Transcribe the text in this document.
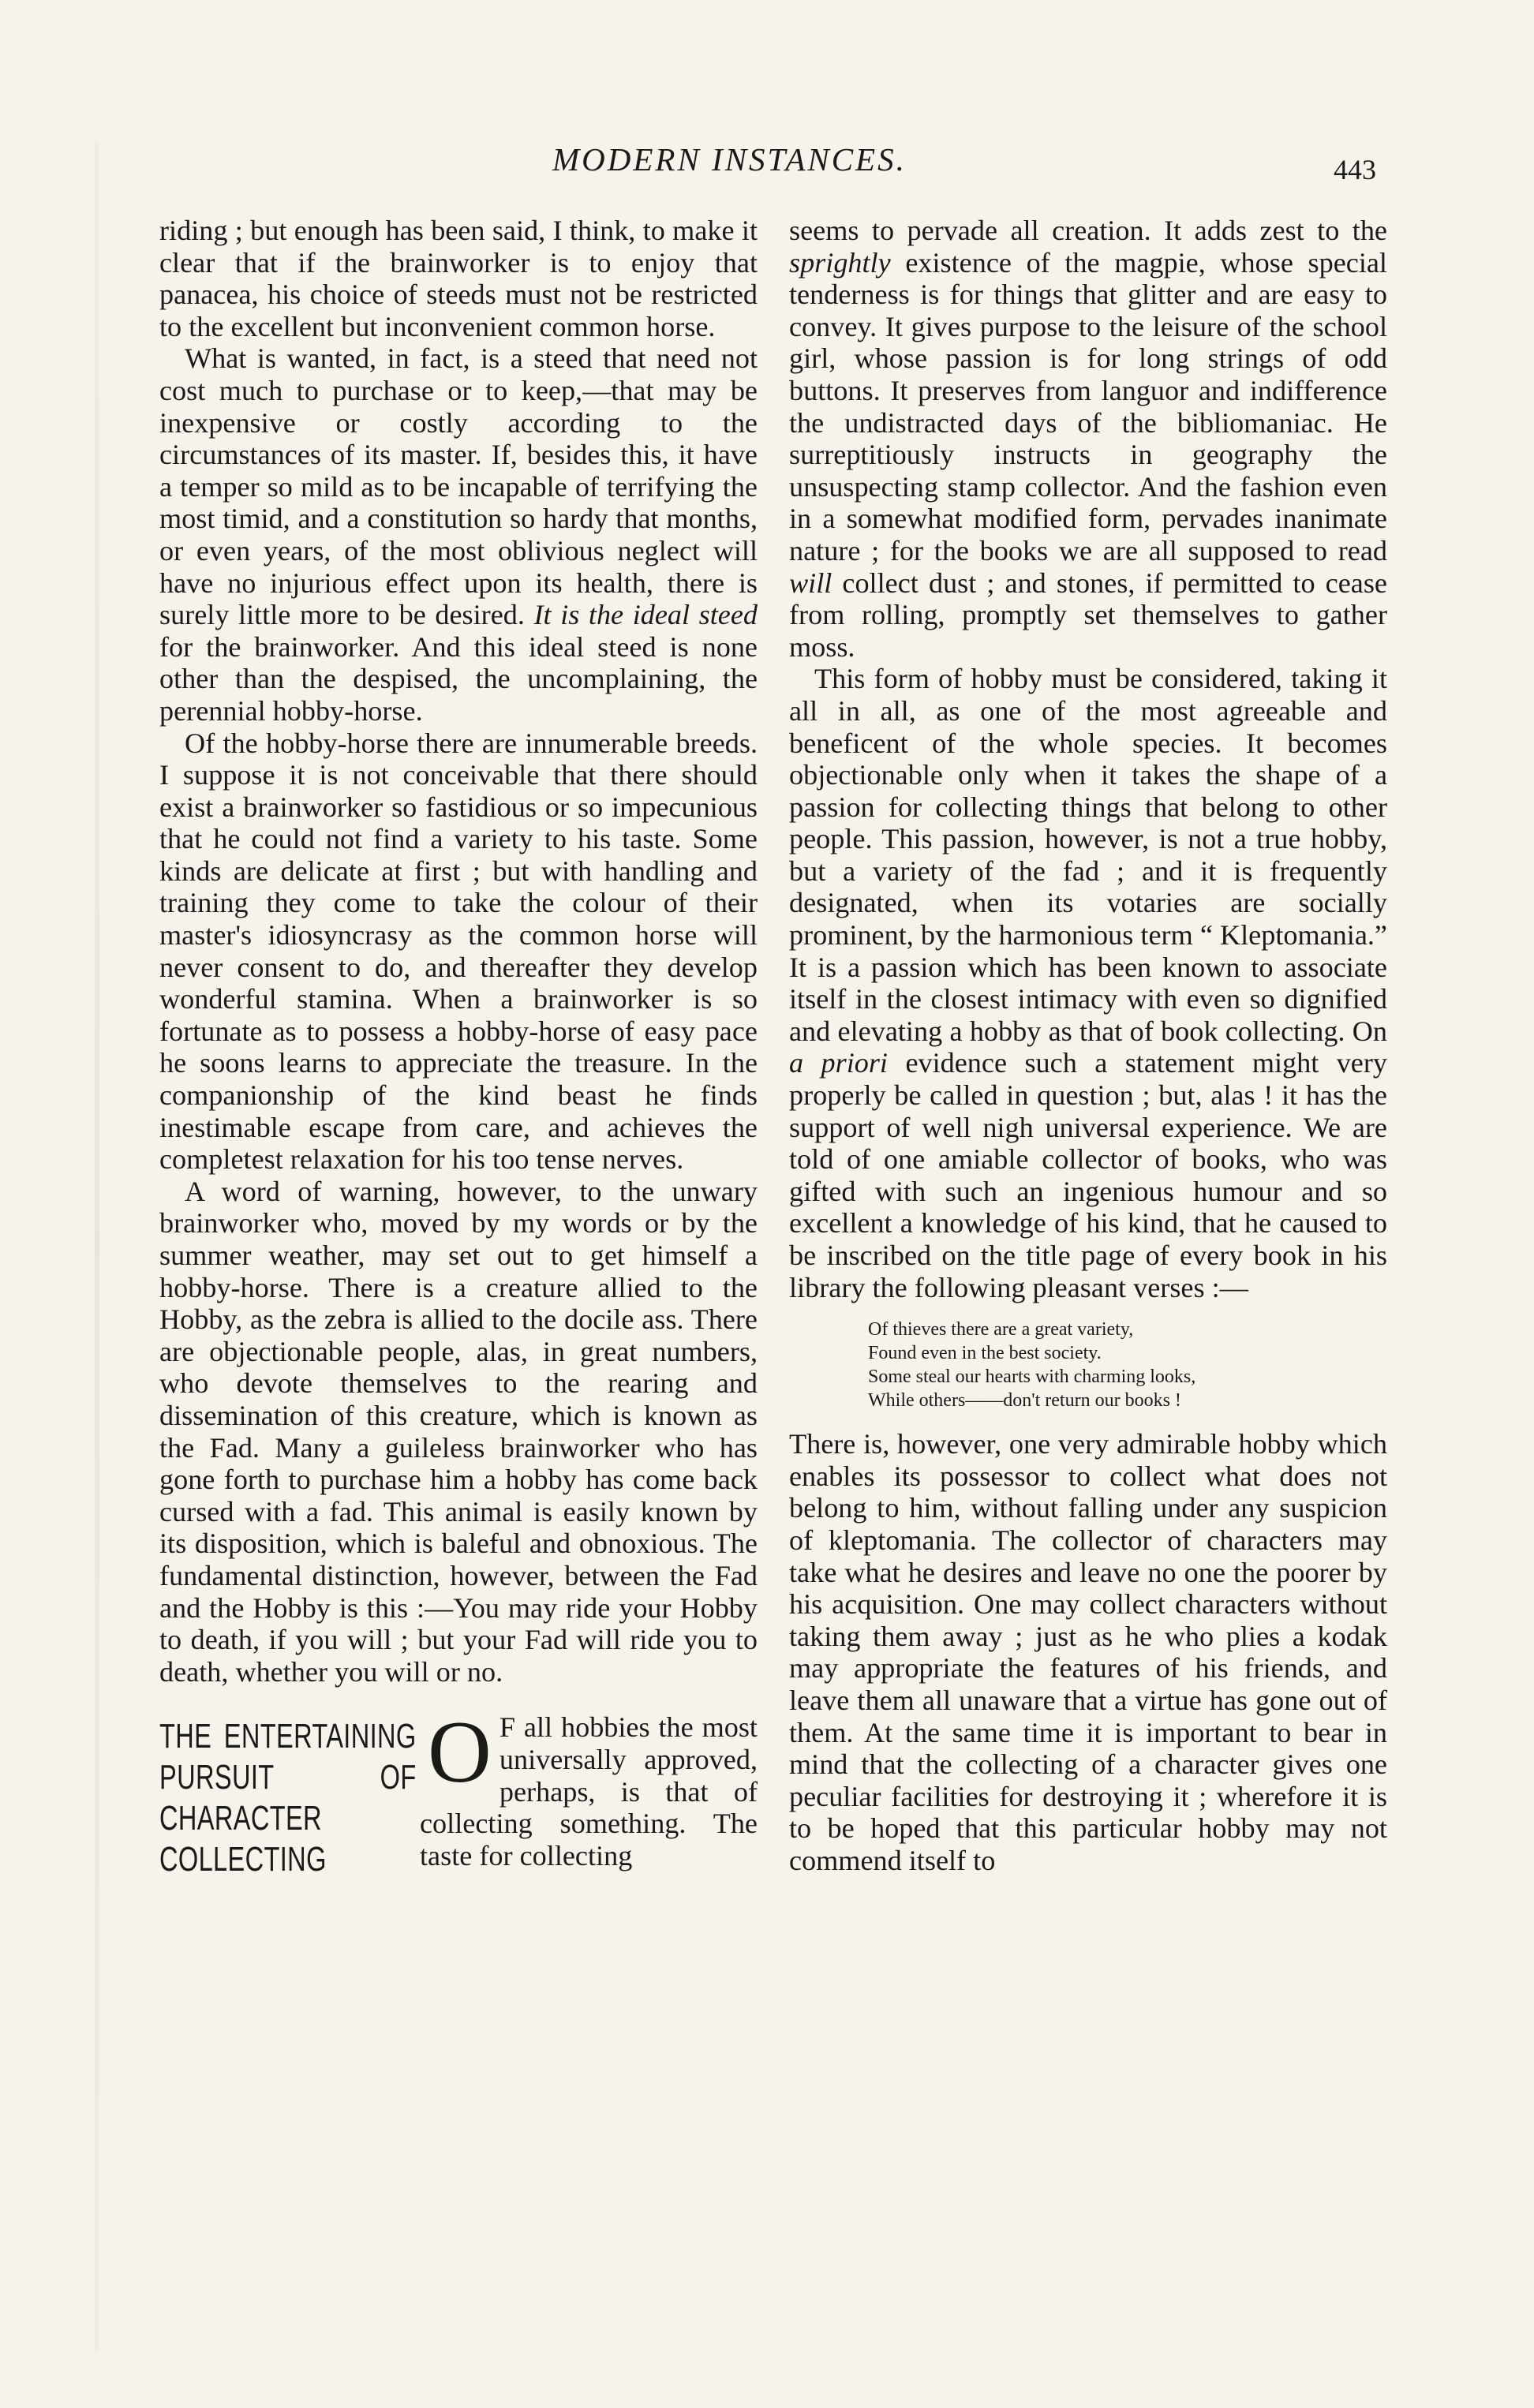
MODERN INSTANCES.	443

riding ; but enough has been said, I think, to make it clear that if the brainworker is to enjoy that panacea, his choice of steeds must not be restricted to the excellent but inconvenient common horse.

What is wanted, in fact, is a steed that need not cost much to purchase or to keep,—that may be inexpensive or costly according to the circumstances of its master. If, besides this, it have a temper so mild as to be incapable of terrifying the most timid, and a constitution so hardy that months, or even years, of the most oblivious neglect will have no injurious effect upon its health, there is surely little more to be desired. It is the ideal steed for the brainworker. And this ideal steed is none other than the despised, the uncomplaining, the perennial hobby-horse.

Of the hobby-horse there are innumerable breeds. I suppose it is not conceivable that there should exist a brainworker so fastidious or so impecunious that he could not find a variety to his taste. Some kinds are delicate at first ; but with handling and training they come to take the colour of their master's idiosyncrasy as the common horse will never consent to do, and thereafter they develop wonderful stamina. When a brainworker is so fortunate as to possess a hobby-horse of easy pace he soons learns to appreciate the treasure. In the companionship of the kind beast he finds inestimable escape from care, and achieves the completest relaxation for his too tense nerves.

A word of warning, however, to the unwary brainworker who, moved by my words or by the summer weather, may set out to get himself a hobby-horse. There is a creature allied to the Hobby, as the zebra is allied to the docile ass. There are objectionable people, alas, in great numbers, who devote themselves to the rearing and dissemination of this creature, which is known as the Fad. Many a guileless brainworker who has gone forth to purchase him a hobby has come back cursed with a fad. This animal is easily known by its disposition, which is baleful and obnoxious. The fundamental distinction, however, between the Fad and the Hobby is this :—You may ride your Hobby to death, if you will ; but your Fad will ride you to death, whether you will or no.

THE ENTERTAINING PURSUIT OF CHARACTER COLLECTING
O F all hobbies the most universally approved, perhaps, is that of collecting something. The taste for collecting

seems to pervade all creation. It adds zest to the sprightly existence of the magpie, whose special tenderness is for things that glitter and are easy to convey. It gives purpose to the leisure of the school girl, whose passion is for long strings of odd buttons. It preserves from languor and indifference the undistracted days of the bibliomaniac. He surreptitiously instructs in geography the unsuspecting stamp collector. And the fashion even in a somewhat modified form, pervades inanimate nature ; for the books we are all supposed to read will collect dust ; and stones, if permitted to cease from rolling, promptly set themselves to gather moss.

This form of hobby must be considered, taking it all in all, as one of the most agreeable and beneficent of the whole species. It becomes objectionable only when it takes the shape of a passion for collecting things that belong to other people. This passion, however, is not a true hobby, but a variety of the fad ; and it is frequently designated, when its votaries are socially prominent, by the harmonious term “ Kleptomania.” It is a passion which has been known to associate itself in the closest intimacy with even so dignified and elevating a hobby as that of book collecting. On a priori evidence such a statement might very properly be called in question ; but, alas ! it has the support of well nigh universal experience. We are told of one amiable collector of books, who was gifted with such an ingenious humour and so excellent a knowledge of his kind, that he caused to be inscribed on the title page of every book in his library the following pleasant verses :—

Of thieves there are a great variety,
Found even in the best society.
Some steal our hearts with charming looks,
While others——don't return our books !

There is, however, one very admirable hobby which enables its possessor to collect what does not belong to him, without falling under any suspicion of kleptomania. The collector of characters may take what he desires and leave no one the poorer by his acquisition. One may collect characters without taking them away ; just as he who plies a kodak may appropriate the features of his friends, and leave them all unaware that a virtue has gone out of them. At the same time it is important to bear in mind that the collecting of a character gives one peculiar facilities for destroying it ; wherefore it is to be hoped that this particular hobby may not commend itself to
